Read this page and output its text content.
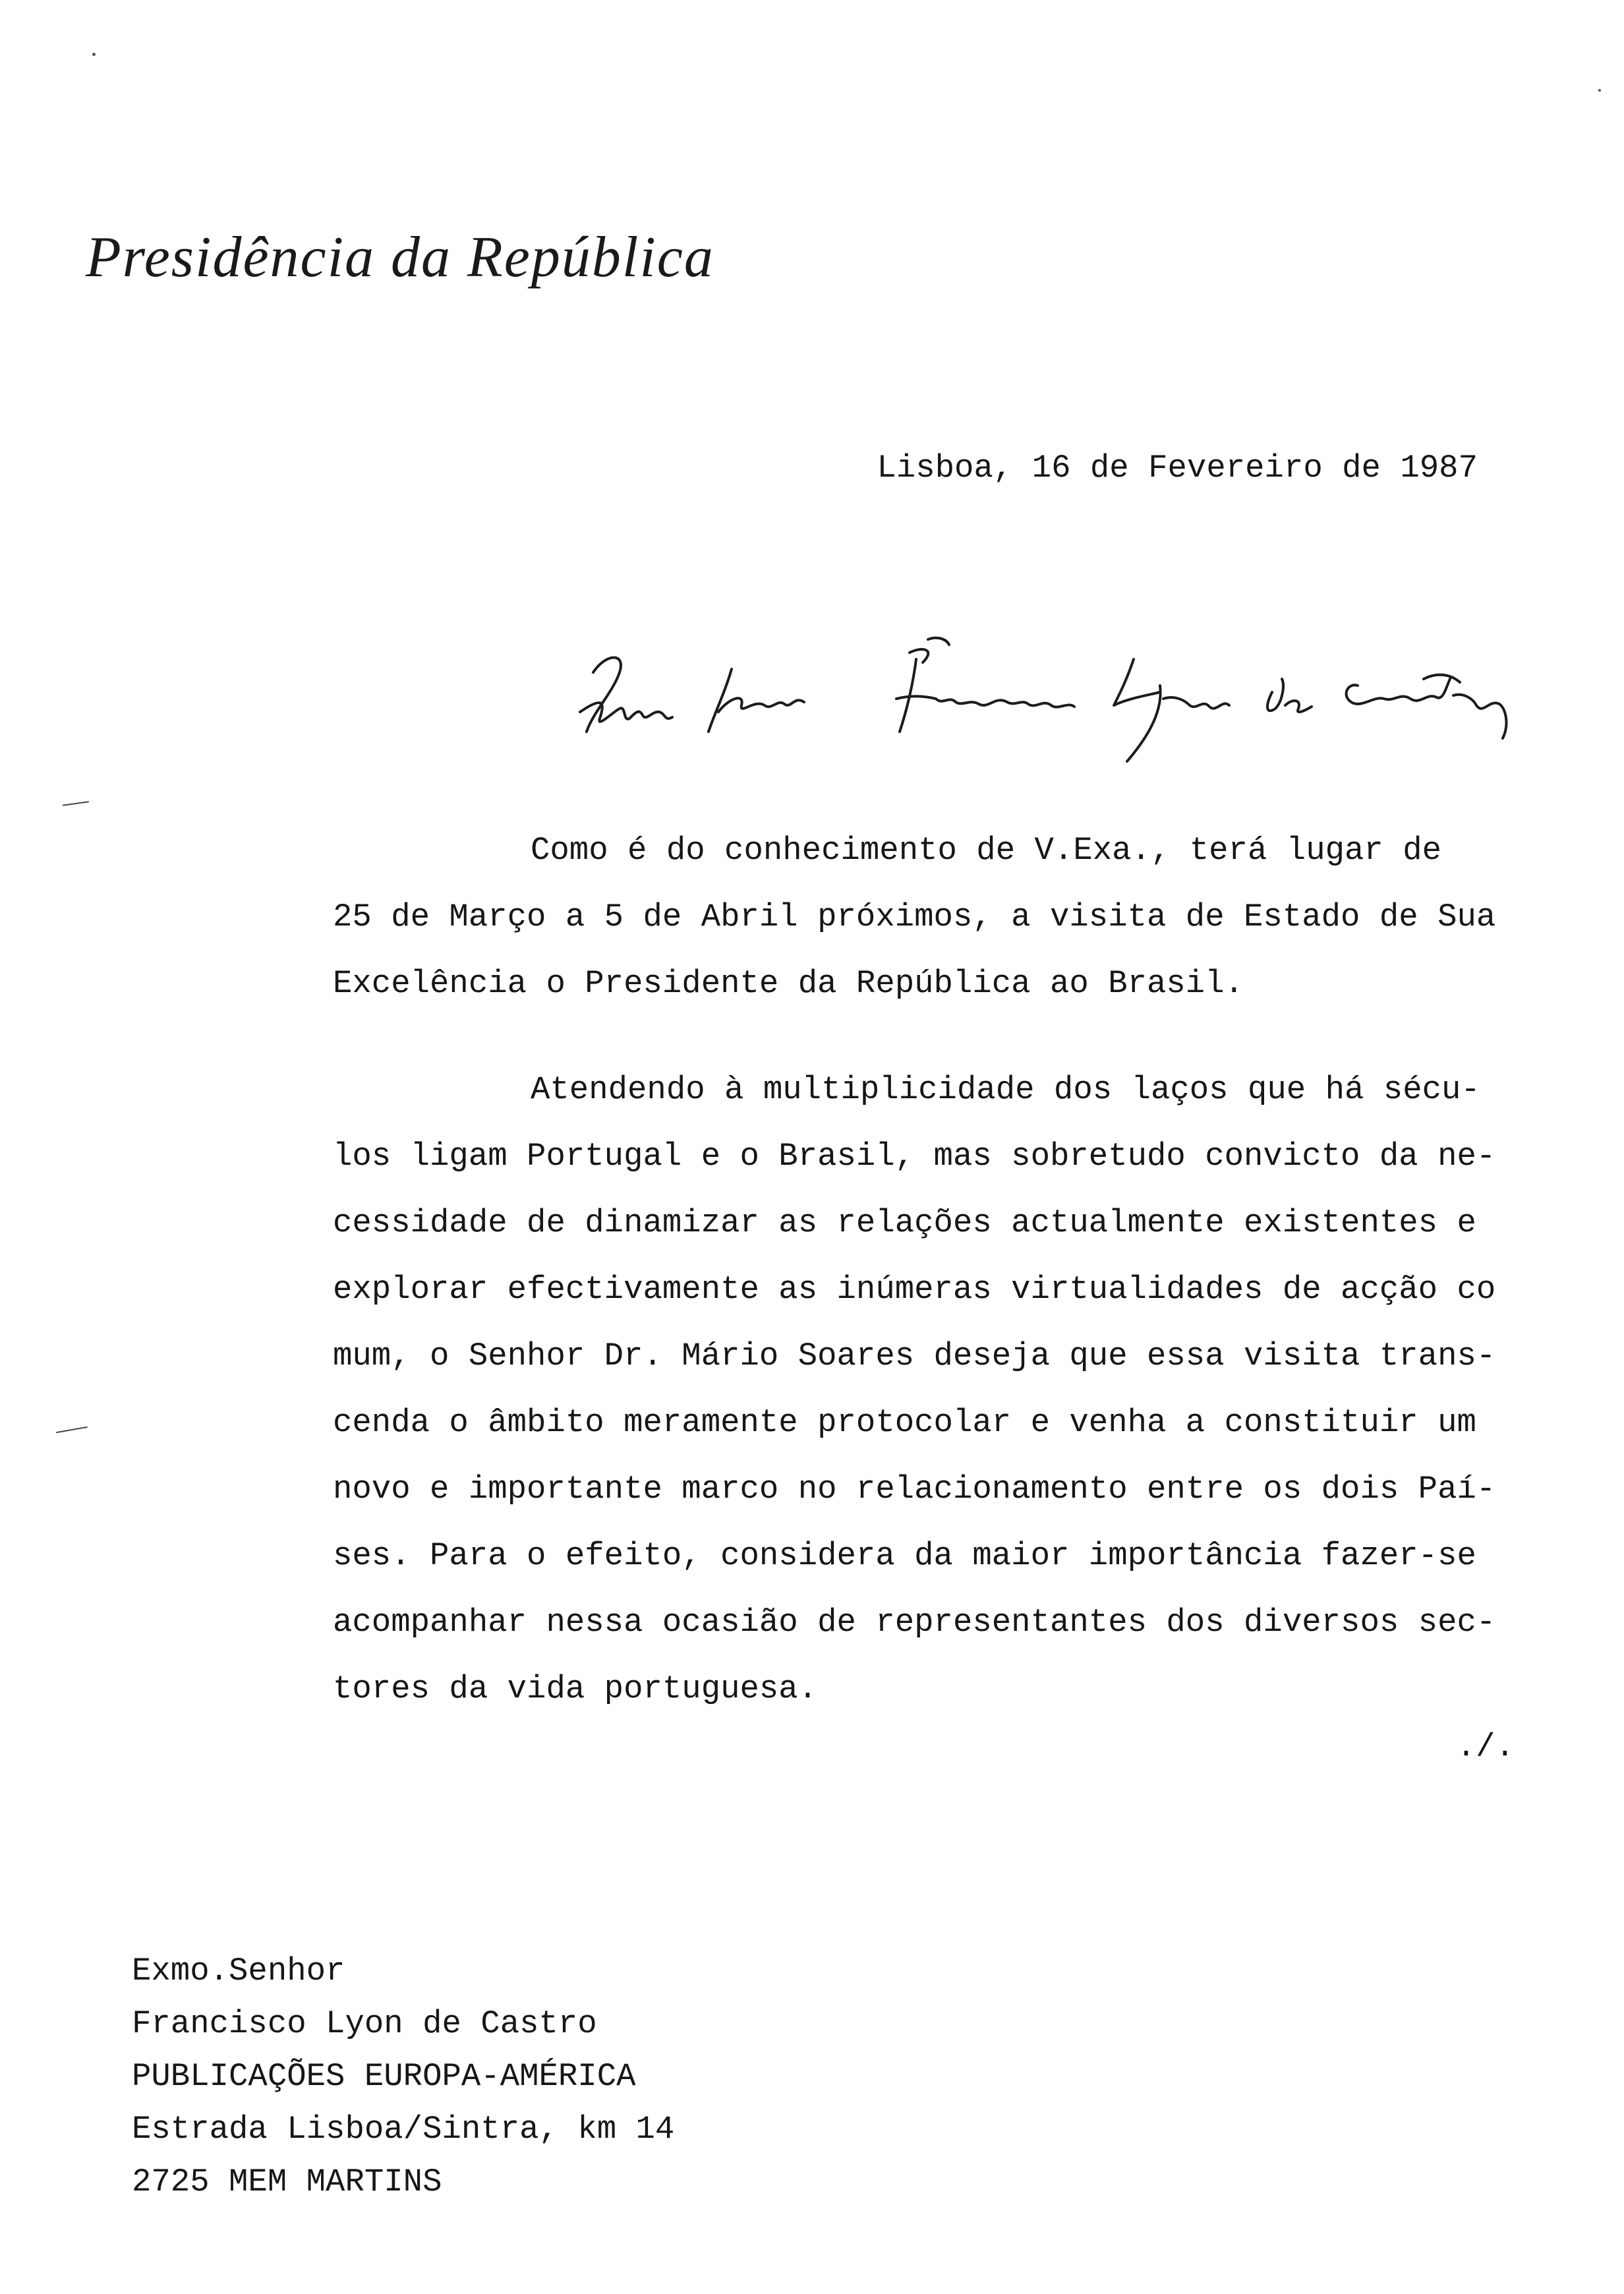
Presidência da República
Lisboa, 16 de Fevereiro de 1987
Como é do conhecimento de V.Exa., terá lugar de
25 de Março a 5 de Abril próximos, a visita de Estado de Sua
Excelência o Presidente da República ao Brasil.
Atendendo à multiplicidade dos laços que há sécu-
los ligam Portugal e o Brasil, mas sobretudo convicto da ne-
cessidade de dinamizar as relações actualmente existentes e
explorar efectivamente as inúmeras virtualidades de acção co
mum, o Senhor Dr. Mário Soares deseja que essa visita trans-
cenda o âmbito meramente protocolar e venha a constituir um
novo e importante marco no relacionamento entre os dois Paí-
ses. Para o efeito, considera da maior importância fazer-se
acompanhar nessa ocasião de representantes dos diversos sec-
tores da vida portuguesa.
./.
Exmo.Senhor
Francisco Lyon de Castro
PUBLICAÇÕES EUROPA-AMÉRICA
Estrada Lisboa/Sintra, km 14
2725 MEM MARTINS
